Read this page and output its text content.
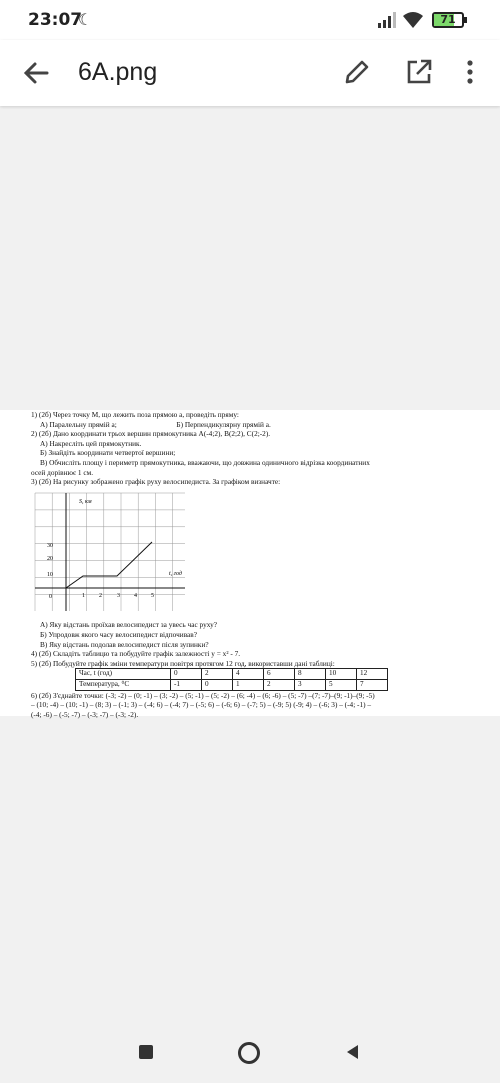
23:07
☾	71
6A.png
1) (2б) Через точку M, що лежить поза прямою a, проведіть пряму:
А) Паралельну прямій a;	Б) Перпендикулярну прямій a.
2) (2б) Дано координати трьох вершин прямокутника А(-4;2), В(2;2), С(2;-2).
А) Накресліть цей прямокутник.
Б) Знайдіть координати четвертої вершини;
В) Обчисліть площу і периметр прямокутника, вважаючи, що довжина одиничного відрізка координатних
осей дорівнює 1 см.
3) (2б) На рисунку зображено графік руху велосипедиста. За графіком визначте:
S, км
t, год
30
20
10
0	1 2	3 4 5
А) Яку відстань проїхав велосипедист за увесь час руху?
Б) Упродовж якого часу велосипедист відпочивав?
В) Яку відстань подолав велосипедист після зупинки?
4) (2б) Складіть таблицю та побудуйте графік залежності y = x² - 7.
5) (2б) Побудуйте графік зміни температури повітря протягом 12 год, використавши дані таблиці:
Час, t (год)	0	2	4	6	8	10	12
Температура, ⁰С	-1	0	1	2	3	5	7
6) (2б) З'єднайте точки: (-3; -2) – (0; -1) – (3; -2) – (5; -1) – (5; -2) – (6; -4) – (6; -6) – (5; -7) –(7; -7)–(9; -1)–(9; -5)
– (10; -4) – (10; -1) – (8; 3) – (-1; 3) – (-4; 6) – (-4; 7) – (-5; 6) – (-6; 6) – (-7; 5) – (-9; 5) (-9; 4) – (-6; 3) – (-4; -1) –
(-4; -6) – (-5; -7) – (-3; -7) – (-3; -2).
